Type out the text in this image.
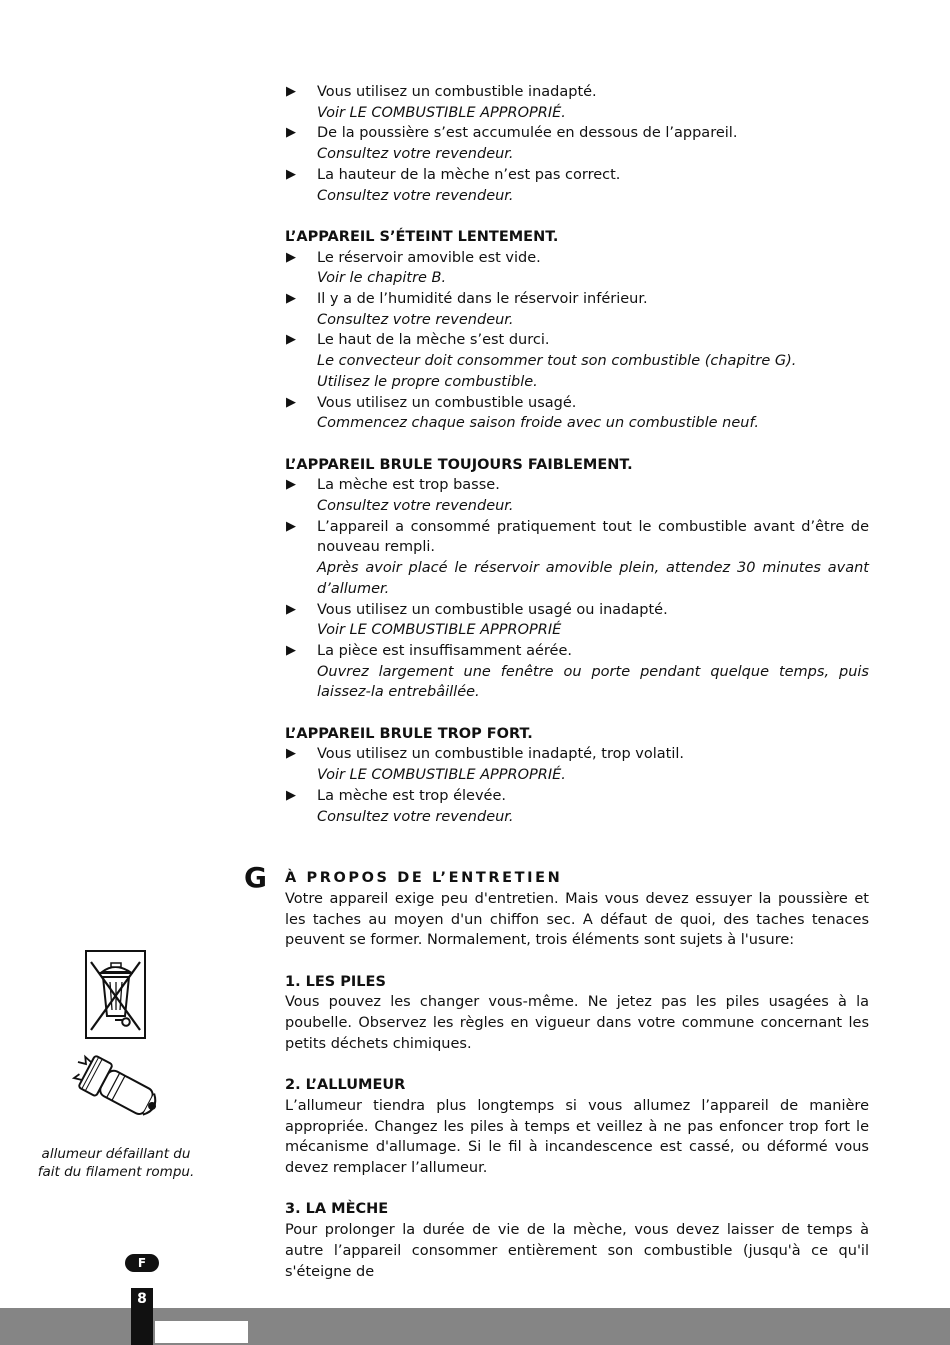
▶ Vous utilisez un combustible inadapté.
Voir LE COMBUSTIBLE APPROPRIÉ.
▶ De la poussière s’est accumulée en dessous de l’appareil.
Consultez votre revendeur.
▶ La hauteur de la mèche n’est pas correct.
Consultez votre revendeur.
L’APPAREIL S’ÉTEINT LENTEMENT.
▶ Le réservoir amovible est vide.
Voir le chapitre B.
▶ Il y a de l’humidité dans le réservoir inférieur.
Consultez votre revendeur.
▶ Le haut de la mèche s’est durci.
Le convecteur doit consommer tout son combustible (chapitre G).
Utilisez le propre combustible.
▶ Vous utilisez un combustible usagé.
Commencez chaque saison froide avec un combustible neuf.
L’APPAREIL BRULE TOUJOURS FAIBLEMENT.
▶ La mèche est trop basse.
Consultez votre revendeur.
▶ L’appareil a consommé pratiquement tout le combustible avant d’être de nouveau rempli.
Après avoir placé le réservoir amovible plein, attendez 30 minutes avant d’allumer.
▶ Vous utilisez un combustible usagé ou inadapté.
Voir LE COMBUSTIBLE APPROPRIÉ
▶ La pièce est insuffisamment aérée.
Ouvrez largement une fenêtre ou porte pendant quelque temps, puis laissez-la entrebâillée.
L’APPAREIL BRULE TROP FORT.
▶ Vous utilisez un combustible inadapté, trop volatil.
Voir LE COMBUSTIBLE APPROPRIÉ.
▶ La mèche est trop élevée.
Consultez votre revendeur.
À PROPOS DE L’ENTRETIEN
Votre appareil exige peu d'entretien. Mais vous devez essuyer la poussière et les taches au moyen d'un chiffon sec. A défaut de quoi, des taches tenaces peuvent se former. Normalement, trois éléments sont sujets à l'usure:
1. LES PILES
Vous pouvez les changer vous-même. Ne jetez pas les piles usagées à la poubelle. Observez les règles en vigueur dans votre commune concernant les petits déchets chimiques.
2. L’ALLUMEUR
L’allumeur tiendra plus longtemps si vous allumez l’appareil de manière appropriée. Changez les piles à temps et veillez à ne pas enfoncer trop fort le mécanisme d'allumage. Si le fil à incandescence est cassé, ou déformé vous devez remplacer l’allumeur.
3. LA MÈCHE
Pour prolonger la durée de vie de la mèche, vous devez laisser de temps à autre l’appareil consommer entièrement son combustible (jusqu'à ce qu'il s'éteigne de
G
allumeur défaillant du
fait du filament rompu.
F
8
